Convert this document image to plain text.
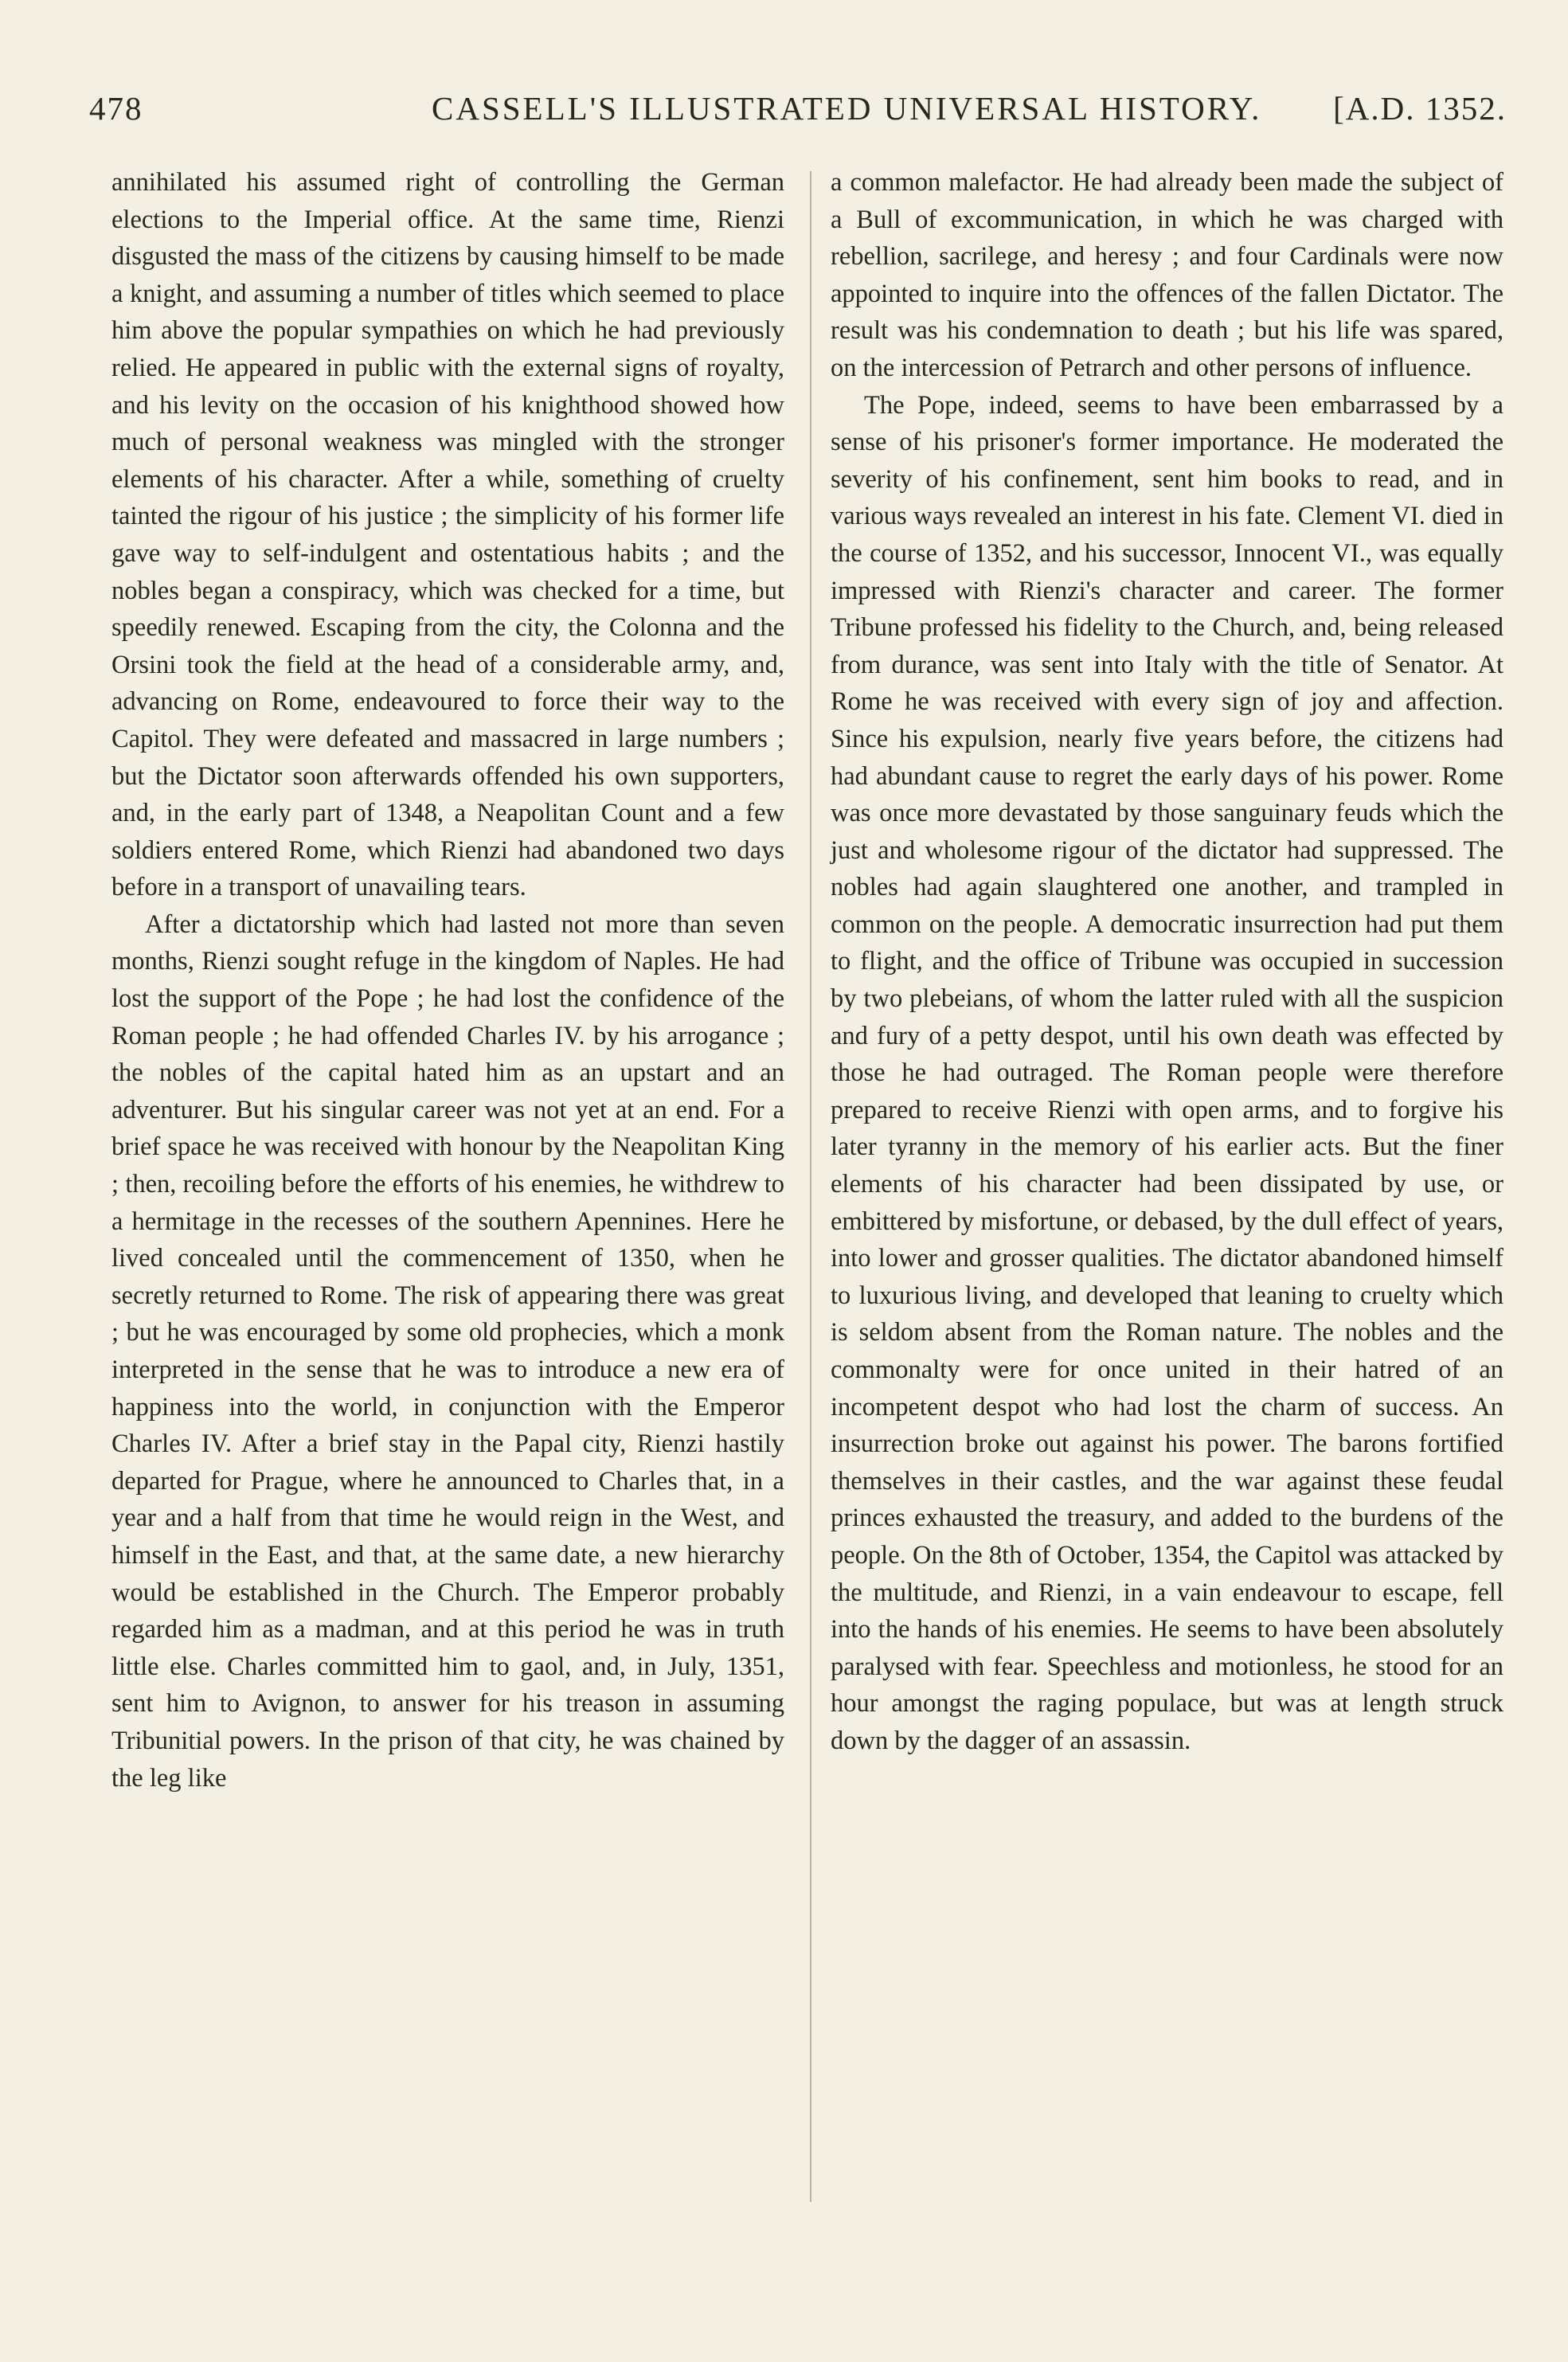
478	CASSELL'S ILLUSTRATED UNIVERSAL HISTORY. [A.D. 1352.

annihilated his assumed right of controlling the German elections to the Imperial office. At the same time, Rienzi disgusted the mass of the citizens by causing himself to be made a knight, and assuming a number of titles which seemed to place him above the popular sympathies on which he had previously relied. He appeared in public with the external signs of royalty, and his levity on the occasion of his knighthood showed how much of personal weakness was mingled with the stronger elements of his character. After a while, something of cruelty tainted the rigour of his justice ; the simplicity of his former life gave way to self-indulgent and ostentatious habits ; and the nobles began a conspiracy, which was checked for a time, but speedily renewed. Escaping from the city, the Colonna and the Orsini took the field at the head of a considerable army, and, advancing on Rome, endeavoured to force their way to the Capitol. They were defeated and massacred in large numbers ; but the Dictator soon afterwards offended his own supporters, and, in the early part of 1348, a Neapolitan Count and a few soldiers entered Rome, which Rienzi had abandoned two days before in a transport of unavailing tears.

After a dictatorship which had lasted not more than seven months, Rienzi sought refuge in the kingdom of Naples. He had lost the support of the Pope ; he had lost the confidence of the Roman people ; he had offended Charles IV. by his arrogance ; the nobles of the capital hated him as an upstart and an adventurer. But his singular career was not yet at an end. For a brief space he was received with honour by the Neapolitan King ; then, recoiling before the efforts of his enemies, he withdrew to a hermitage in the recesses of the southern Apennines. Here he lived concealed until the commencement of 1350, when he secretly returned to Rome. The risk of appearing there was great ; but he was encouraged by some old prophecies, which a monk interpreted in the sense that he was to introduce a new era of happiness into the world, in conjunction with the Emperor Charles IV. After a brief stay in the Papal city, Rienzi hastily departed for Prague, where he announced to Charles that, in a year and a half from that time he would reign in the West, and himself in the East, and that, at the same date, a new hierarchy would be established in the Church. The Emperor probably regarded him as a madman, and at this period he was in truth little else. Charles committed him to gaol, and, in July, 1351, sent him to Avignon, to answer for his treason in assuming Tribunitial powers. In the prison of that city, he was chained by the leg like

a common malefactor. He had already been made the subject of a Bull of excommunication, in which he was charged with rebellion, sacrilege, and heresy ; and four Cardinals were now appointed to inquire into the offences of the fallen Dictator. The result was his condemnation to death ; but his life was spared, on the intercession of Petrarch and other persons of influence.

The Pope, indeed, seems to have been embarrassed by a sense of his prisoner's former importance. He moderated the severity of his confinement, sent him books to read, and in various ways revealed an interest in his fate. Clement VI. died in the course of 1352, and his successor, Innocent VI., was equally impressed with Rienzi's character and career. The former Tribune professed his fidelity to the Church, and, being released from durance, was sent into Italy with the title of Senator. At Rome he was received with every sign of joy and affection. Since his expulsion, nearly five years before, the citizens had had abundant cause to regret the early days of his power. Rome was once more devastated by those sanguinary feuds which the just and wholesome rigour of the dictator had suppressed. The nobles had again slaughtered one another, and trampled in common on the people. A democratic insurrection had put them to flight, and the office of Tribune was occupied in succession by two plebeians, of whom the latter ruled with all the suspicion and fury of a petty despot, until his own death was effected by those he had outraged. The Roman people were therefore prepared to receive Rienzi with open arms, and to forgive his later tyranny in the memory of his earlier acts. But the finer elements of his character had been dissipated by use, or embittered by misfortune, or debased, by the dull effect of years, into lower and grosser qualities. The dictator abandoned himself to luxurious living, and developed that leaning to cruelty which is seldom absent from the Roman nature. The nobles and the commonalty were for once united in their hatred of an incompetent despot who had lost the charm of success. An insurrection broke out against his power. The barons fortified themselves in their castles, and the war against these feudal princes exhausted the treasury, and added to the burdens of the people. On the 8th of October, 1354, the Capitol was attacked by the multitude, and Rienzi, in a vain endeavour to escape, fell into the hands of his enemies. He seems to have been absolutely paralysed with fear. Speechless and motionless, he stood for an hour amongst the raging populace, but was at length struck down by the dagger of an assassin.
